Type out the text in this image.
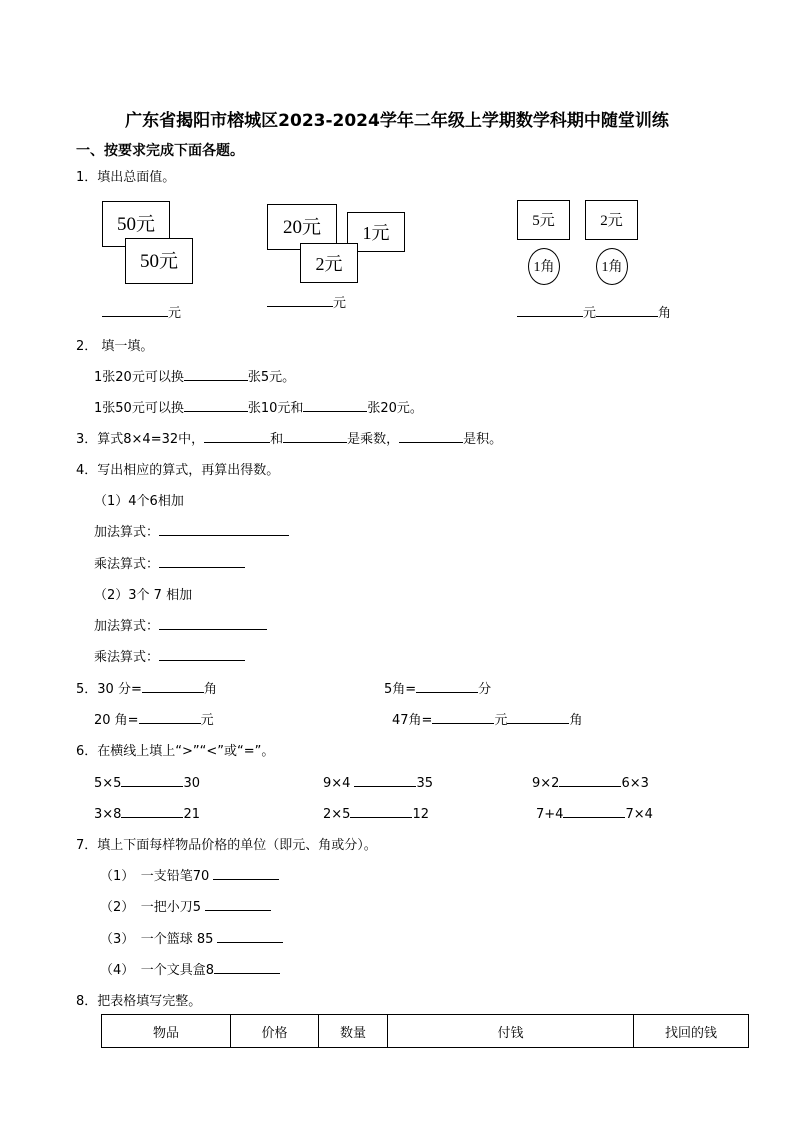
广东省揭阳市榕城区2023-2024学年二年级上学期数学科期中随堂训练
一、按要求完成下面各题。
1．填出总面值。
50元
50元
20元	1元
2元
5元	2元
1角	1角
元
元
元	角
2． 填一填。
1张20元可以换	张5元。
1张50元可以换	张10元和	张20元。
3．算式8×4=32中，	和	是乘数，	是积。
4．写出相应的算式，再算出得数。
（1）4个6相加
加法算式：
乘法算式：
（2）3个 7 相加
加法算式：
乘法算式：
5．30 分=	角	5角=	分
20 角=	元	47角=	元	角
6．在横线上填上“>”“<”或“=”。
5×5	30	9×4	35	9×2	6×3
3×8	21	2×5	12	7+4	7×4
7．填上下面每样物品价格的单位（即元、角或分）。
（1）　一支铅笔70
（2）　一把小刀5
（3）　一个篮球 85
（4）　一个文具盒8
8．把表格填写完整。
物品	价格	数量	付钱	找回的钱
